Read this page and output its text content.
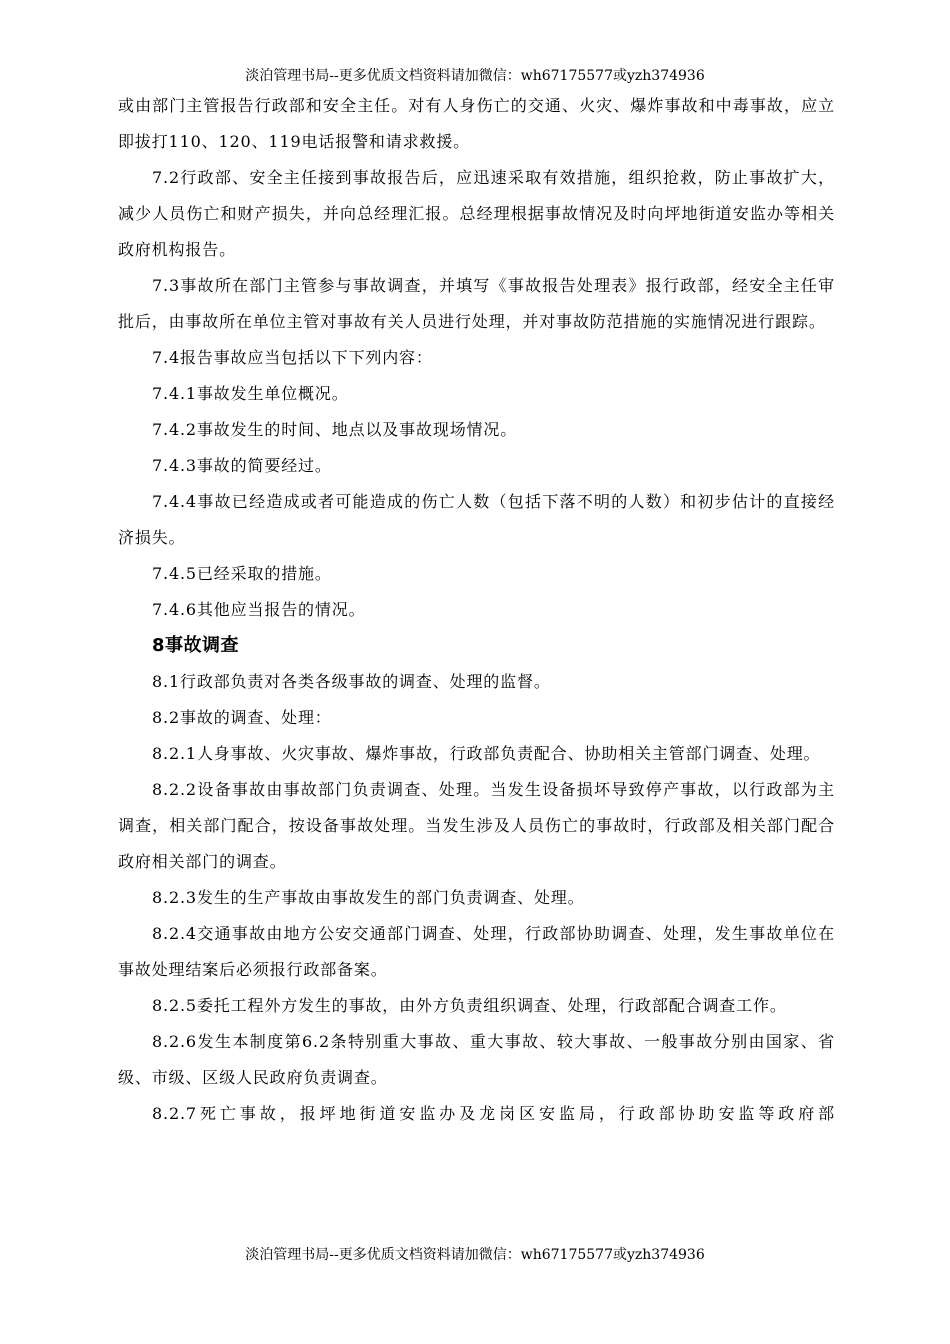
淡泊管理书局--更多优质文档资料请加微信：wh67175577或yzh374936

或由部门主管报告行政部和安全主任。对有人身伤亡的交通、火灾、爆炸事故和中毒事故，应立即拔打110、120、119电话报警和请求救援。

7.2行政部、安全主任接到事故报告后，应迅速采取有效措施，组织抢救，防止事故扩大，减少人员伤亡和财产损失，并向总经理汇报。总经理根据事故情况及时向坪地街道安监办等相关政府机构报告。

7.3事故所在部门主管参与事故调查，并填写《事故报告处理表》报行政部，经安全主任审批后，由事故所在单位主管对事故有关人员进行处理，并对事故防范措施的实施情况进行跟踪。

7.4报告事故应当包括以下下列内容：

7.4.1事故发生单位概况。

7.4.2事故发生的时间、地点以及事故现场情况。

7.4.3事故的简要经过。

7.4.4事故已经造成或者可能造成的伤亡人数（包括下落不明的人数）和初步估计的直接经济损失。

7.4.5已经采取的措施。

7.4.6其他应当报告的情况。

8事故调查

8.1行政部负责对各类各级事故的调查、处理的监督。

8.2事故的调查、处理：

8.2.1人身事故、火灾事故、爆炸事故，行政部负责配合、协助相关主管部门调查、处理。

8.2.2设备事故由事故部门负责调查、处理。当发生设备损坏导致停产事故，以行政部为主调查，相关部门配合，按设备事故处理。当发生涉及人员伤亡的事故时，行政部及相关部门配合政府相关部门的调查。

8.2.3发生的生产事故由事故发生的部门负责调查、处理。

8.2.4交通事故由地方公安交通部门调查、处理，行政部协助调查、处理，发生事故单位在事故处理结案后必须报行政部备案。

8.2.5委托工程外方发生的事故，由外方负责组织调查、处理，行政部配合调查工作。

8.2.6发生本制度第6.2条特别重大事故、重大事故、较大事故、一般事故分别由国家、省级、市级、区级人民政府负责调查。

8.2.7死亡事故，报坪地街道安监办及龙岗区安监局，行政部协助安监等政府部

淡泊管理书局--更多优质文档资料请加微信：wh67175577或yzh374936
